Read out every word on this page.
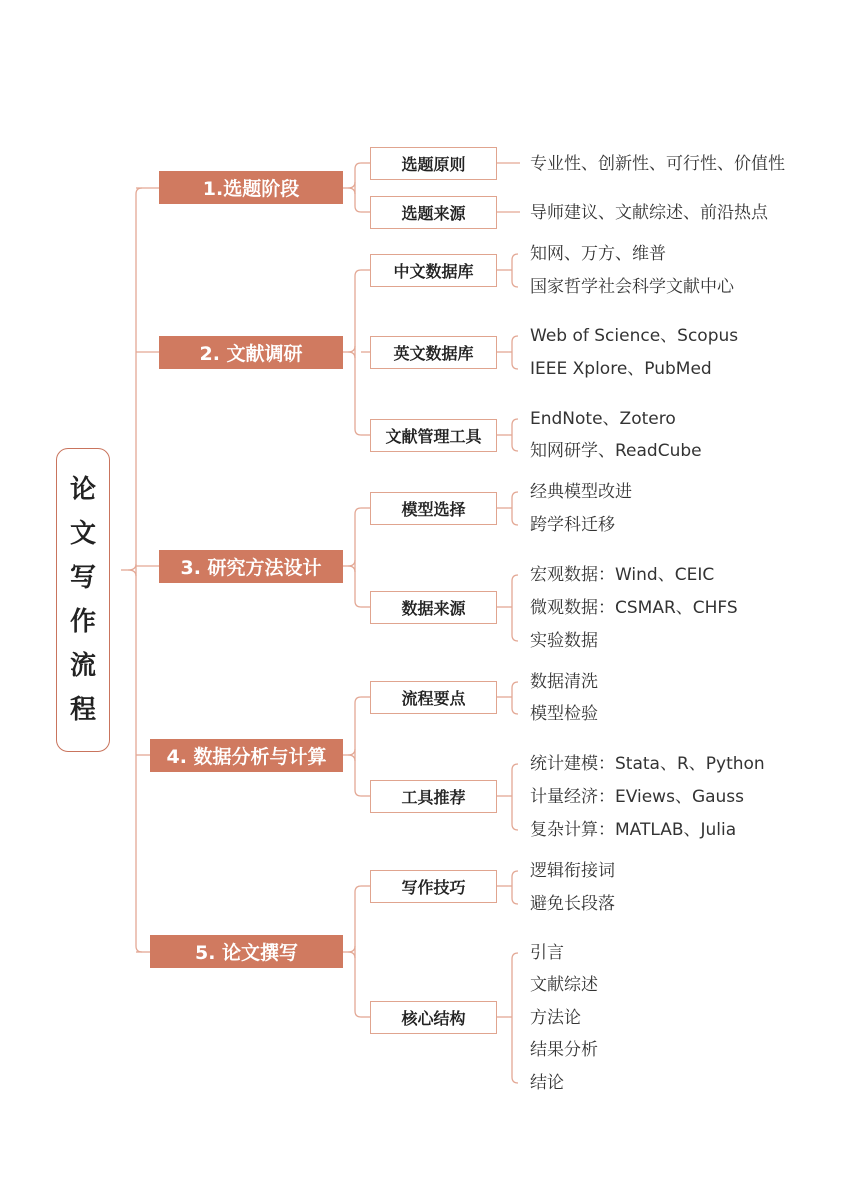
论
文
写
作
流
程
1.选题阶段
选题原则
选题来源
专业性、创新性、可行性、价值性
导师建议、文献综述、前沿热点
2. 文献调研
中文数据库
英文数据库
文献管理工具
知网、万方、维普
国家哲学社会科学文献中心
Web of Science、Scopus
IEEE Xplore、PubMed
EndNote、Zotero
知网研学、ReadCube
3. 研究方法设计
模型选择
数据来源
经典模型改进
跨学科迁移
宏观数据：Wind、CEIC
微观数据：CSMAR、CHFS
实验数据
4. 数据分析与计算
流程要点
工具推荐
数据清洗
模型检验
统计建模：Stata、R、Python
计量经济：EViews、Gauss
复杂计算：MATLAB、Julia
5. 论文撰写
写作技巧
核心结构
逻辑衔接词
避免长段落
引言
文献综述
方法论
结果分析
结论
